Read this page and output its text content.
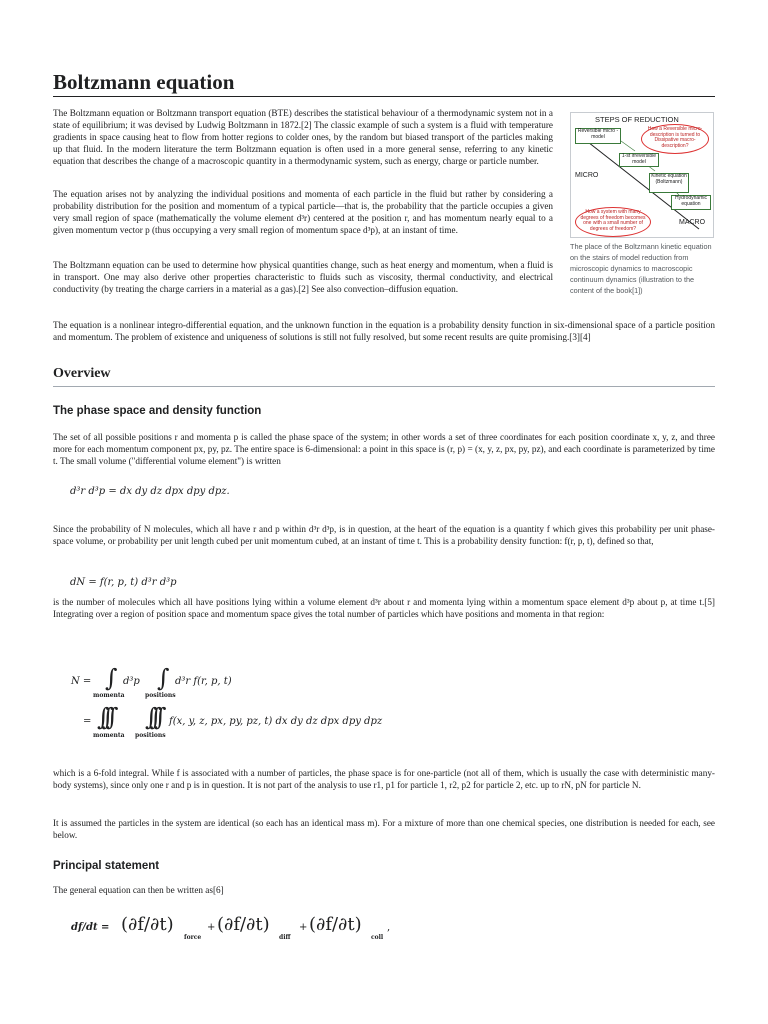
Boltzmann equation

The Boltzmann equation or Boltzmann transport equation (BTE) describes the statistical behaviour of a thermodynamic system not in a state of equilibrium; it was devised by Ludwig Boltzmann in 1872.[2] The classic example of such a system is a fluid with temperature gradients in space causing heat to flow from hotter regions to colder ones, by the random but biased transport of the particles making up that fluid. In the modern literature the term Boltzmann equation is often used in a more general sense, referring to any kinetic equation that describes the change of a macroscopic quantity in a thermodynamic system, such as energy, charge or particle number.

The equation arises not by analyzing the individual positions and momenta of each particle in the fluid but rather by considering a probability distribution for the position and momentum of a typical particle—that is, the probability that the particle occupies a given very small region of space (mathematically the volume element d³r) centered at the position r, and has momentum nearly equal to a given momentum vector p (thus occupying a very small region of momentum space d³p), at an instant of time.

The Boltzmann equation can be used to determine how physical quantities change, such as heat energy and momentum, when a fluid is in transport. One may also derive other properties characteristic to fluids such as viscosity, thermal conductivity, and electrical conductivity (by treating the charge carriers in a material as a gas).[2] See also convection–diffusion equation.

The equation is a nonlinear integro-differential equation, and the unknown function in the equation is a probability density function in six-dimensional space of a particle position and momentum. The problem of existence and uniqueness of solutions is still not fully resolved, but some recent results are quite promising.[3][4]

STEPS OF REDUCTION
Reversible micro - model
1-st irreversible model
Kinetic equation (Boltzmann)
Hydrodynamic equation
MICRO
MACRO
How a Reversible micro-description is turned to Dissipative macro-description?
How a system with many degrees of freedom becomes one with a small number of degrees of freedom?
The place of the Boltzmann kinetic equation on the stairs of model reduction from microscopic dynamics to macroscopic continuum dynamics (illustration to the content of the book[1])
Overview
The phase space and density function

The set of all possible positions r and momenta p is called the phase space of the system; in other words a set of three coordinates for each position coordinate x, y, z, and three more for each momentum component px, py, pz. The entire space is 6-dimensional: a point in this space is (r, p) = (x, y, z, px, py, pz), and each coordinate is parameterized by time t. The small volume ("differential volume element") is written

d³r d³p = dx dy dz dpx dpy dpz.

Since the probability of N molecules, which all have r and p within d³r d³p, is in question, at the heart of the equation is a quantity f which gives this probability per unit phase-space volume, or probability per unit length cubed per unit momentum cubed, at an instant of time t. This is a probability density function: f(r, p, t), defined so that,

dN = f(r, p, t) d³r d³p

is the number of molecules which all have positions lying within a volume element d³r about r and momenta lying within a momentum space element d³p about p, at time t.[5] Integrating over a region of position space and momentum space gives the total number of particles which have positions and momenta in that region:

N = ∫ d³p ∫ d³r f(r, p, t)
momenta	positions
= ∫∫∫ ∫∫∫ f(x, y, z, px, py, pz, t) dx dy dz dpx dpy dpz
momenta positions

which is a 6-fold integral. While f is associated with a number of particles, the phase space is for one-particle (not all of them, which is usually the case with deterministic many-body systems), since only one r and p is in question. It is not part of the analysis to use r1, p1 for particle 1, r2, p2 for particle 2, etc. up to rN, pN for particle N.

It is assumed the particles in the system are identical (so each has an identical mass m). For a mixture of more than one chemical species, one distribution is needed for each, see below.

Principal statement

The general equation can then be written as[6]

df/dt = (∂f/∂t)
force
+ (∂f/∂t)
diff
+ (∂f/∂t)
coll
,
